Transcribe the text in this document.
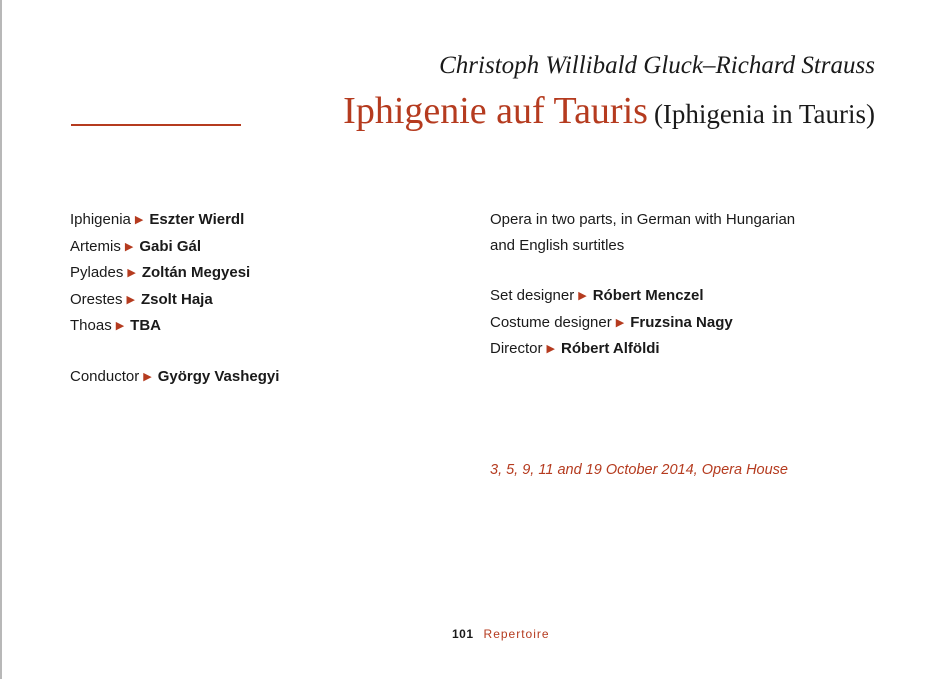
Christoph Willibald Gluck–Richard Strauss
Iphigenie auf Tauris (Iphigenia in Tauris)
Iphigenia ▶ Eszter Wierdl
Artemis ▶ Gabi Gál
Pylades ▶ Zoltán Megyesi
Orestes ▶ Zsolt Haja
Thoas ▶ TBA
Conductor ▶ György Vashegyi
Opera in two parts, in German with Hungarian
and English surtitles
Set designer ▶ Róbert Menczel
Costume designer ▶ Fruzsina Nagy
Director ▶ Róbert Alföldi
3, 5, 9, 11 and 19 October 2014, Opera House
101 Repertoire
